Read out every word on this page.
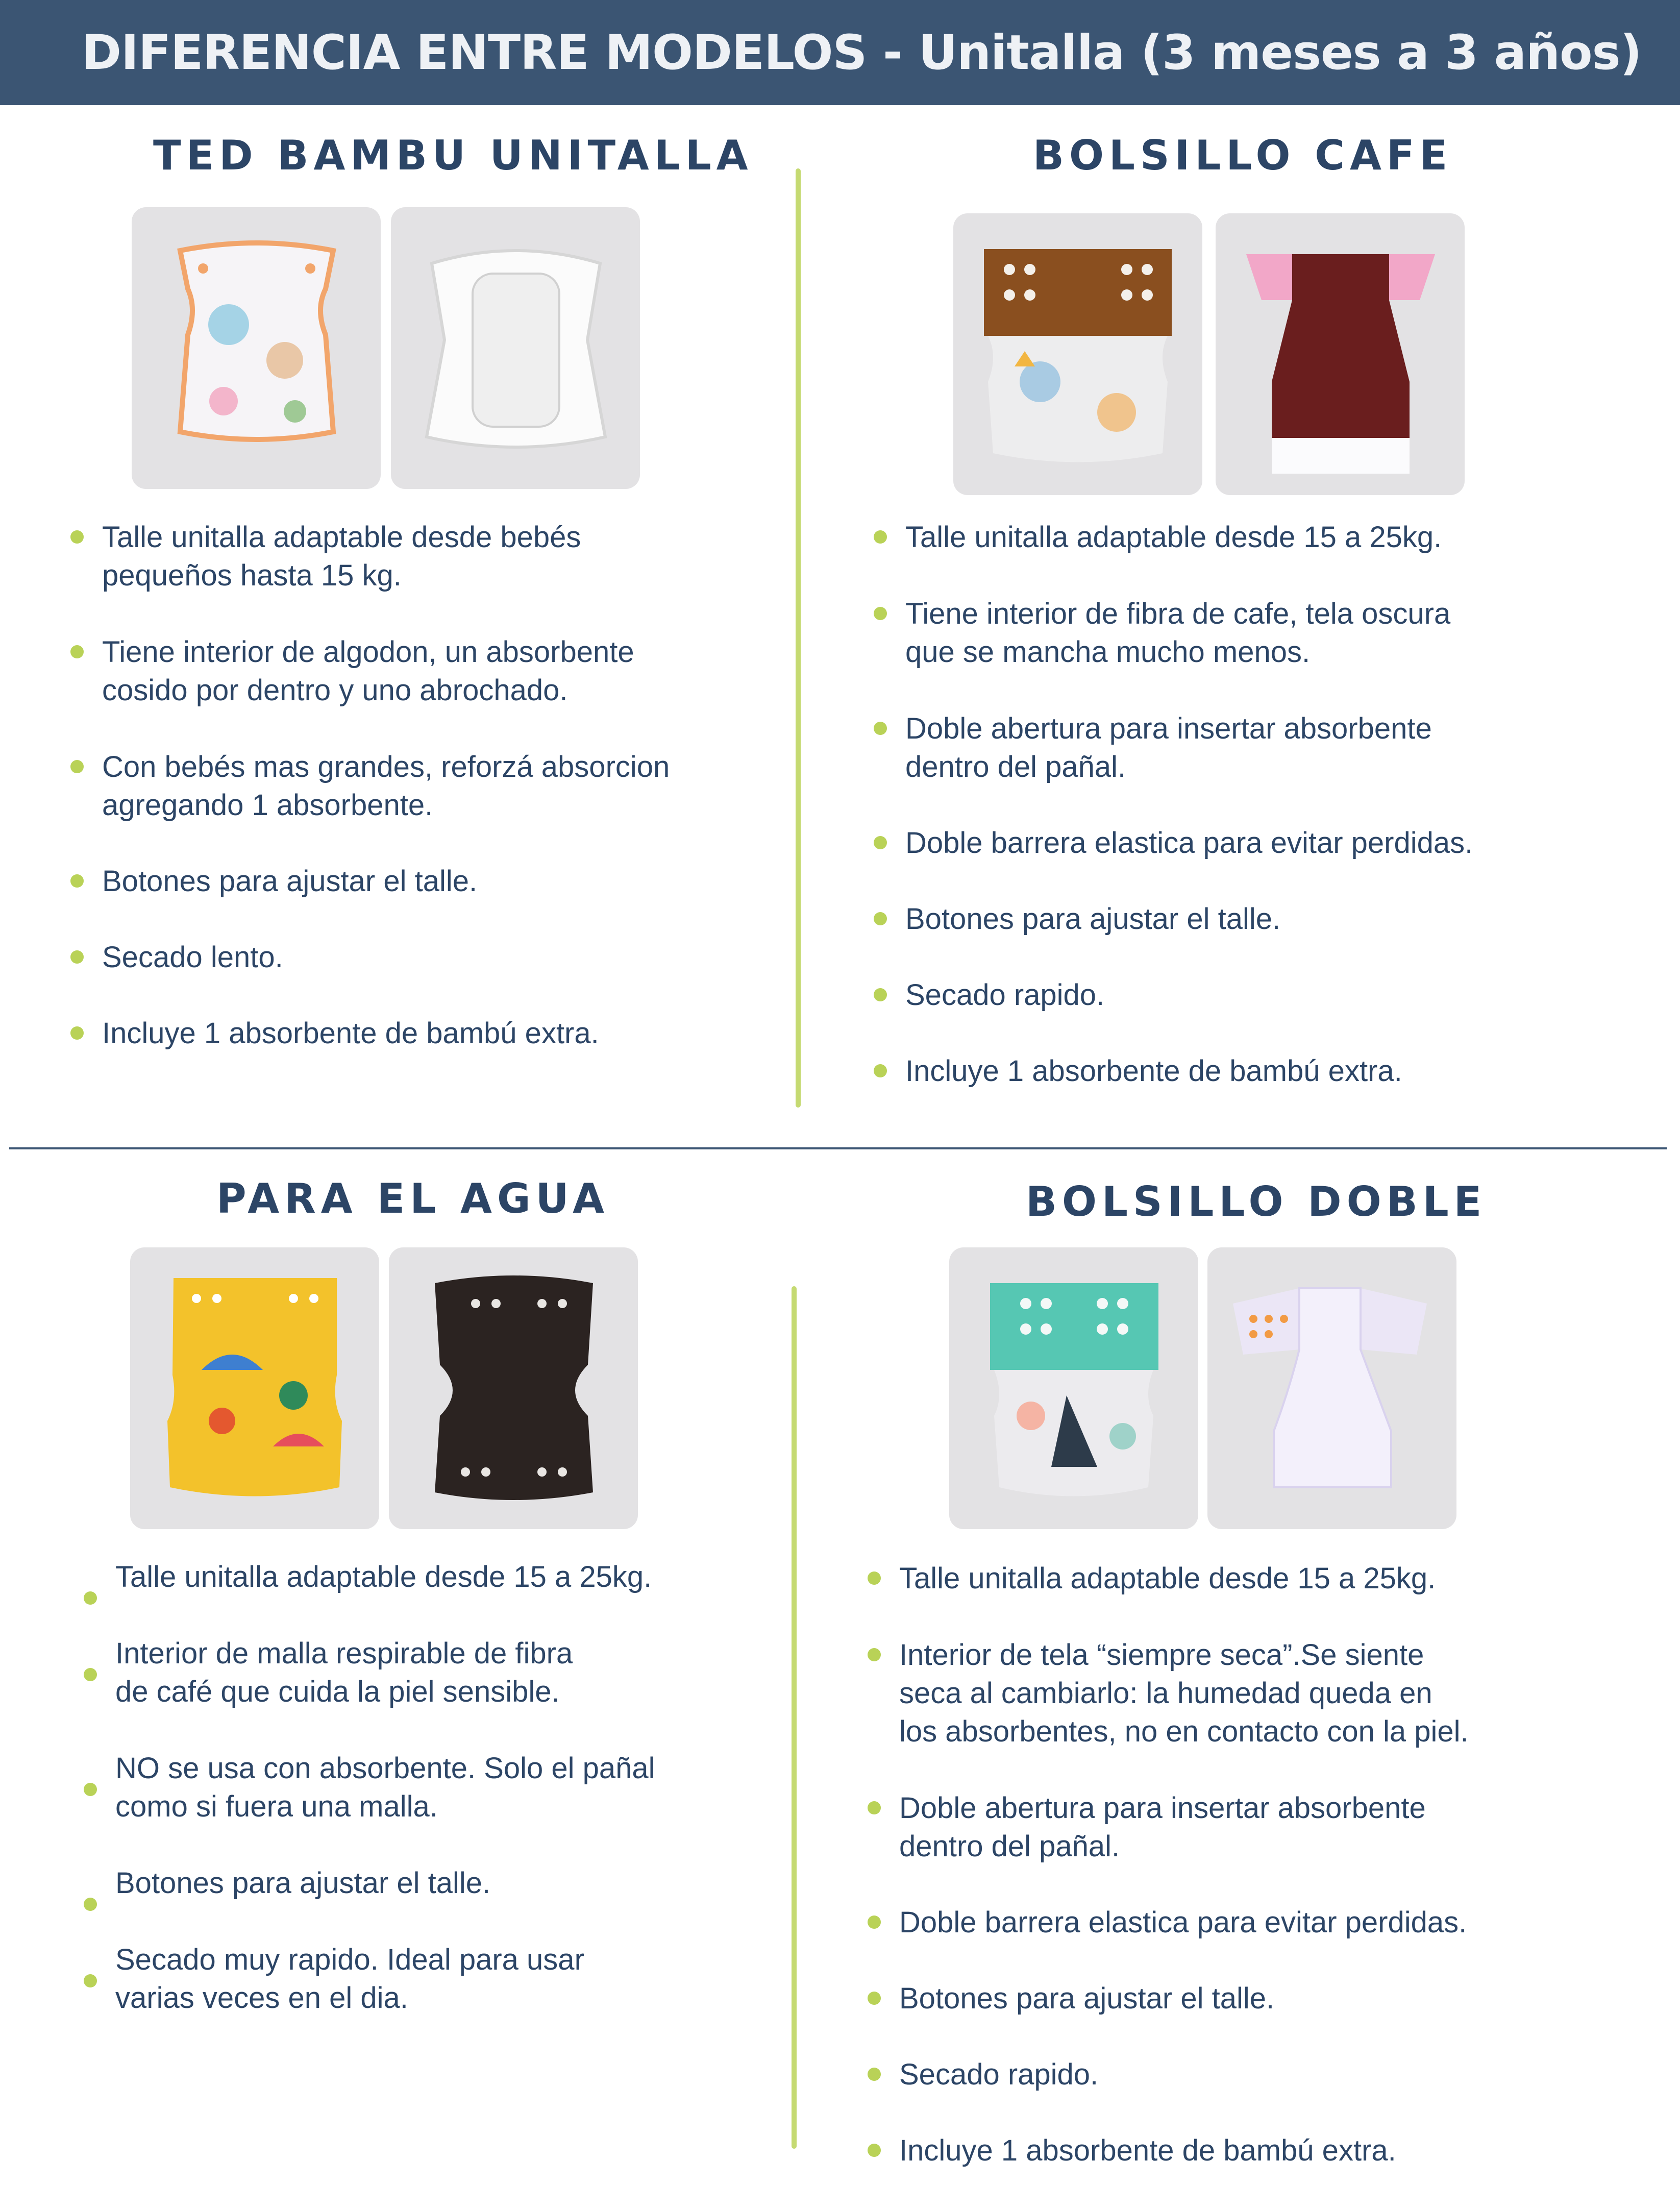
DIFERENCIA ENTRE MODELOS - Unitalla (3 meses a 3 años)
TED BAMBU UNITALLA
Talle unitalla adaptable desde bebés
pequeños hasta 15 kg.
Tiene interior de algodon, un absorbente
cosido por dentro y uno abrochado.
Con bebés mas grandes, reforzá absorcion
agregando 1 absorbente.
Botones para ajustar el talle.
Secado lento.
Incluye 1 absorbente de bambú extra.
BOLSILLO CAFE
Talle unitalla adaptable desde 15 a 25kg.
Tiene interior de fibra de cafe, tela oscura
que se mancha mucho menos.
Doble abertura para insertar absorbente
dentro del pañal.
Doble barrera elastica para evitar perdidas.
Botones para ajustar el talle.
Secado rapido.
Incluye 1 absorbente de bambú extra.
PARA EL AGUA
Talle unitalla adaptable desde 15 a 25kg.
Interior de malla respirable de fibra
de café que cuida la piel sensible.
NO se usa con absorbente. Solo el pañal
como si fuera una malla.
Botones para ajustar el talle.
Secado muy rapido. Ideal para usar
varias veces en el dia.
BOLSILLO DOBLE
Talle unitalla adaptable desde 15 a 25kg.
Interior de tela “siempre seca”.Se siente
seca al cambiarlo: la humedad queda en
los absorbentes, no en contacto con la piel.
Doble abertura para insertar absorbente
dentro del pañal.
Doble barrera elastica para evitar perdidas.
Botones para ajustar el talle.
Secado rapido.
Incluye 1 absorbente de bambú extra.
